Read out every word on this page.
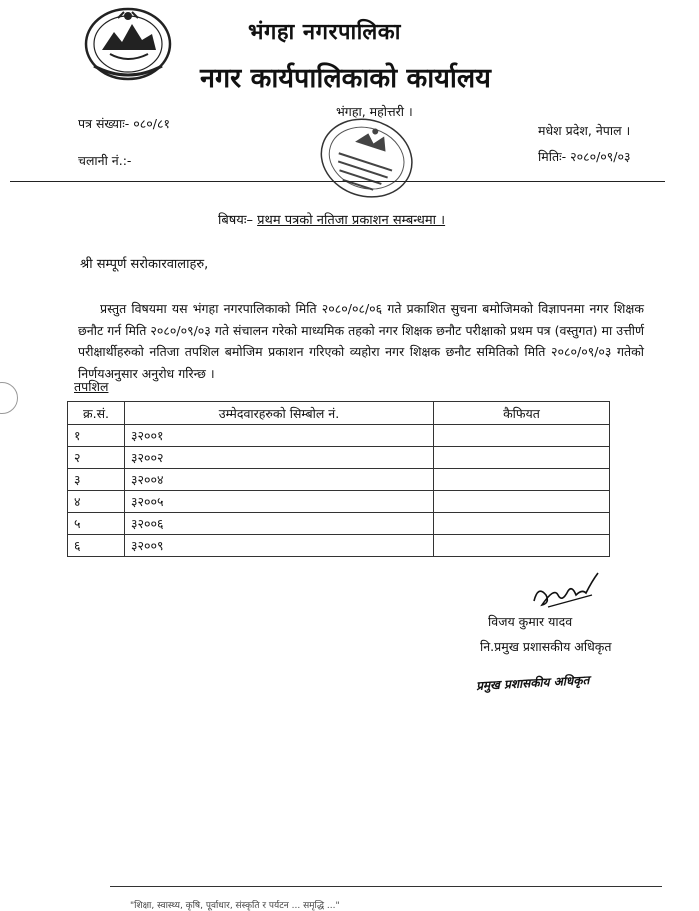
भंगहा नगरपालिका
नगर कार्यपालिकाको कार्यालय
भंगहा, महोत्तरी ।
पत्र संख्याः- ०८०/८१
चलानी नं.:-
मधेश प्रदेश, नेपाल ।
मितिः- २०८०/०९/०३
बिषयः– प्रथम पत्रको नतिजा प्रकाशन सम्बन्धमा ।
श्री सम्पूर्ण सरोकारवालाहरु,
प्रस्तुत विषयमा यस भंगहा नगरपालिकाको मिति २०८०/०८/०६ गते प्रकाशित सुचना बमोजिमको विज्ञापनमा नगर शिक्षक छनौट गर्न मिति २०८०/०९/०३ गते संचालन गरेको माध्यमिक तहको नगर शिक्षक छनौट परीक्षाको प्रथम पत्र (वस्तुगत) मा उत्तीर्ण परीक्षार्थीहरुको नतिजा तपशिल बमोजिम प्रकाशन गरिएको व्यहोरा नगर शिक्षक छनौट समितिको मिति २०८०/०९/०३ गतेको निर्णयअनुसार अनुरोध गरिन्छ ।
तपशिल
क्र.सं.	उम्मेदवारहरुको सिम्बोल नं.	कैफियत
१	३२००१	
२	३२००२	
३	३२००४	
४	३२००५	
५	३२००६	
६	३२००९	
विजय कुमार यादव
नि.प्रमुख प्रशासकीय अधिकृत
प्रमुख प्रशासकीय अधिकृत
"शिक्षा, स्वास्थ्य, कृषि, पूर्वाधार, संस्कृति र पर्यटन ... समृद्धि ..."
